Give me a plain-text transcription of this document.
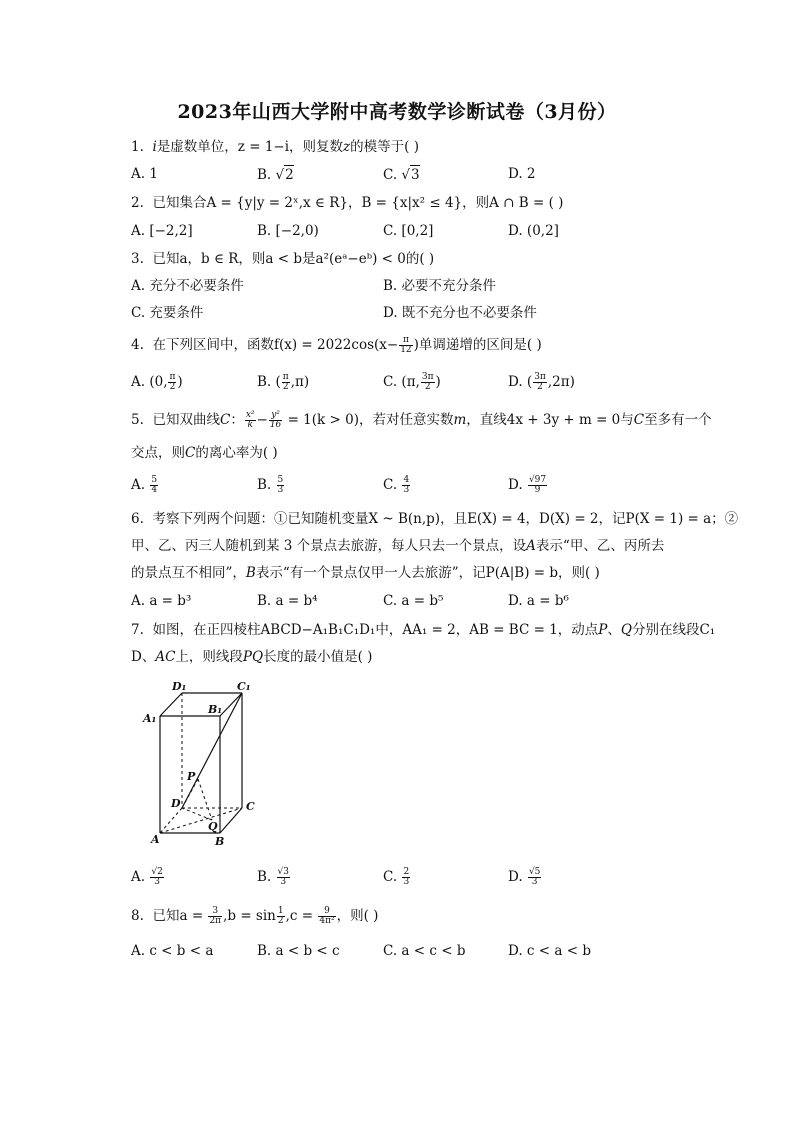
2023年山西大学附中高考数学诊断试卷（3月份）
1. i是虚数单位，z = 1−i，则复数z的模等于( )
A. 1	B. √2	C. √3	D. 2
2. 已知集合A = {y|y = 2ˣ,x ∈ R}，B = {x|x² ≤ 4}，则A ∩ B = ( )
A. [−2,2]	B. [−2,0)	C. [0,2]	D. (0,2]
3. 已知a，b ∈ R，则a < b是a²(eᵃ−eᵇ) < 0的( )
A. 充分不必要条件	B. 必要不充分条件
C. 充要条件	D. 既不充分也不必要条件
4. 在下列区间中，函数$f(x) = 2022\cos(x- \frac{\pi}{12}$ )单调递增的区间是( )
A. (0, $\frac{\pi}{2}$ )	B. ( $\frac{\pi}{2} ,\pi$)	C. (π, $\frac{3\pi}{2}$ )	D. ( $\frac{3\pi}{2} ,2\pi$)
5. 已知双曲线C： $\frac{\text{x²}}{k} - \frac{\text{y²}}{16} = 1(k > 0)$，若对任意实数m，直线4x + 3y + m = 0与C至多有一个
交点，则C的离心率为( )
A. $\frac{5}{4}$	B. $\frac{5}{3}$	C. $\frac{4}{3}$	D. $\frac{√97}{9}$
6. 考察下列两个问题：①已知随机变量X ~ B(n,p)，且E(X) = 4，D(X) = 2，记P(X = 1) = a；②
甲、乙、丙三人随机到某 3 个景点去旅游，每人只去一个景点，设A表示“甲、乙、丙所去
的景点互不相同”，B表示“有一个景点仅甲一人去旅游”，记P(A|B) = b，则( )
A. a = b³	B. a = b⁴	C. a = b⁵	D. a = b⁶
7. 如图，在正四棱柱ABCD−A₁B₁C₁D₁中，AA₁ = 2，AB = BC = 1，动点P、Q分别在线段C₁
D、AC上，则线段PQ长度的最小值是( )
D₁	C₁
A₁
B₁
P
D	C
A
Q
B
A. $\frac{√2}{3}$	B. $\frac{√3}{3}$	C. $\frac{2}{3}$	D. $\frac{√5}{3}$
8. 已知$a = \frac{3}{2\pi} ,b = \sin \frac{1}{2} ,c = \frac{9}{\text{4π²}}$ ，则( )
A. c < b < a	B. a < b < c	C. a < c < b	D. c < a < b
